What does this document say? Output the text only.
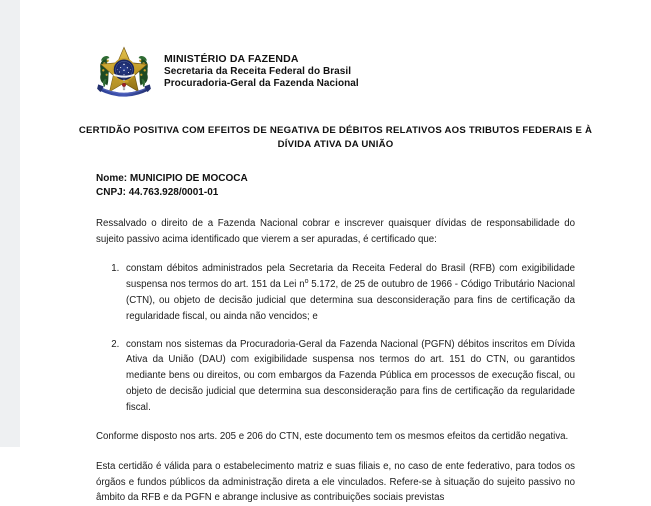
MINISTÉRIO DA FAZENDA
Secretaria da Receita Federal do Brasil
Procuradoria-Geral da Fazenda Nacional
CERTIDÃO POSITIVA COM EFEITOS DE NEGATIVA DE DÉBITOS RELATIVOS AOS TRIBUTOS FEDERAIS E À DÍVIDA ATIVA DA UNIÃO
Nome: MUNICIPIO DE MOCOCA
CNPJ: 44.763.928/0001-01

Ressalvado o direito de a Fazenda Nacional cobrar e inscrever quaisquer dívidas de responsabilidade do sujeito passivo acima identificado que vierem a ser apuradas, é certificado que:

1. constam débitos administrados pela Secretaria da Receita Federal do Brasil (RFB) com exigibilidade suspensa nos termos do art. 151 da Lei $n^o$ 5.172, de 25 de outubro de 1966 - Código Tributário Nacional (CTN), ou objeto de decisão judicial que determina sua desconsideração para fins de certificação da regularidade fiscal, ou ainda não vencidos; e
2. constam nos sistemas da Procuradoria-Geral da Fazenda Nacional (PGFN) débitos inscritos em Dívida Ativa da União (DAU) com exigibilidade suspensa nos termos do art. 151 do CTN, ou garantidos mediante bens ou direitos, ou com embargos da Fazenda Pública em processos de execução fiscal, ou objeto de decisão judicial que determina sua desconsideração para fins de certificação da regularidade fiscal.

Conforme disposto nos arts. 205 e 206 do CTN, este documento tem os mesmos efeitos da certidão negativa.

Esta certidão é válida para o estabelecimento matriz e suas filiais e, no caso de ente federativo, para todos os órgãos e fundos públicos da administração direta a ele vinculados. Refere-se à situação do sujeito passivo no âmbito da RFB e da PGFN e abrange inclusive as contribuições sociais previstas
